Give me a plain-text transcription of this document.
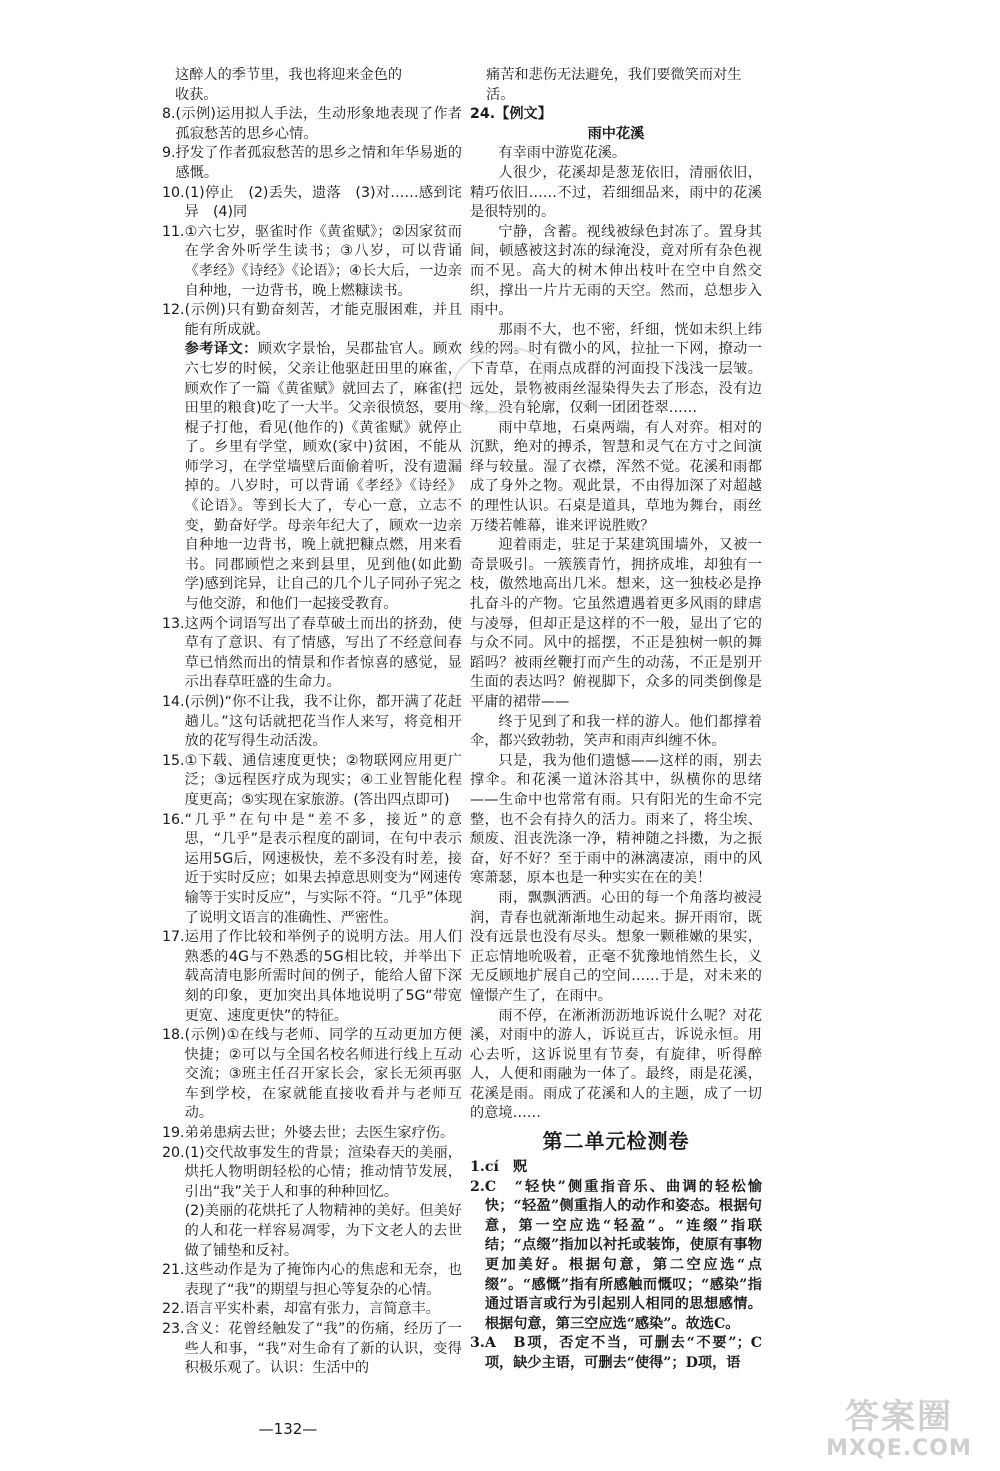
这醉人的季节里，我也将迎来金色的
收获。
8. (示例)运用拟人手法，生动形象地表现了作者孤寂愁苦的思乡心情。
9. 抒发了作者孤寂愁苦的思乡之情和年华易逝的感慨。
10. (1)停止　(2)丢失，遗落　(3)对……感到诧异　(4)同
11. ①六七岁，驱雀时作《黄雀赋》；②因家贫而在学舍外听学生读书；③八岁，可以背诵《孝经》《诗经》《论语》；④长大后，一边亲自种地，一边背书，晚上燃糠读书。
12. (示例)只有勤奋刻苦，才能克服困难，并且能有所成就。
参考译文：顾欢字景怡，吴郡盐官人。顾欢六七岁的时候，父亲让他驱赶田里的麻雀，顾欢作了一篇《黄雀赋》就回去了，麻雀(把田里的粮食)吃了一大半。父亲很愤怒，要用棍子打他，看见(他作的)《黄雀赋》就停止了。乡里有学堂，顾欢(家中)贫困，不能从师学习，在学堂墙壁后面偷着听，没有遗漏掉的。八岁时，可以背诵《孝经》《诗经》《论语》。等到长大了，专心一意，立志不变，勤奋好学。母亲年纪大了，顾欢一边亲自种地一边背书，晚上就把糠点燃，用来看书。同郡顾恺之来到县里，见到他(如此勤学)感到诧异，让自己的几个儿子同孙子宪之与他交游，和他们一起接受教育。
13. 这两个词语写出了春草破土而出的挤劲，使草有了意识、有了情感，写出了不经意间春草已悄然而出的情景和作者惊喜的感觉，显示出春草旺盛的生命力。
14. (示例)“你不让我，我不让你，都开满了花赶趟儿。”这句话就把花当作人来写，将竞相开放的花写得生动活泼。
15. ①下载、通信速度更快；②物联网应用更广泛；③远程医疗成为现实；④工业智能化程度更高；⑤实现在家旅游。(答出四点即可)
16. “几乎”在句中是“差不多，接近”的意思，“几乎”是表示程度的副词，在句中表示运用5G后，网速极快，差不多没有时差，接近于实时反应；如果去掉意思则变为“网速传输等于实时反应”，与实际不符。“几乎”体现了说明文语言的准确性、严密性。
17. 运用了作比较和举例子的说明方法。用人们熟悉的4G与不熟悉的5G相比较，并举出下载高清电影所需时间的例子，能给人留下深刻的印象，更加突出具体地说明了5G“带宽更宽、速度更快”的特征。
18. (示例)①在线与老师、同学的互动更加方便快捷；②可以与全国名校名师进行线上互动交流；③班主任召开家长会，家长无须再驱车到学校，在家就能直接收看并与老师互动。
19. 弟弟患病去世；外婆去世；去医生家疗伤。
20. (1)交代故事发生的背景；渲染春天的美丽，烘托人物明朗轻松的心情；推动情节发展，引出“我”关于人和事的种种回忆。
(2)美丽的花烘托了人物精神的美好。但美好的人和花一样容易凋零，为下文老人的去世做了铺垫和反衬。
21. 这些动作是为了掩饰内心的焦虑和无奈，也表现了“我”的期望与担心等复杂的心情。
22. 语言平实朴素，却富有张力，言简意丰。
23. 含义：花曾经触发了“我”的伤痛，经历了一些人和事，“我”对生命有了新的认识，变得积极乐观了。认识：生活中的
痛苦和悲伤无法避免，我们要微笑而对生活。
24.【例文】
雨中花溪
有幸雨中游览花溪。
人很少，花溪却是葱茏依旧，清丽依旧，精巧依旧……不过，若细细品来，雨中的花溪是很特别的。
宁静，含蓄。视线被绿色封冻了。置身其间，顿感被这封冻的绿淹没，竟对所有杂色视而不见。高大的树木伸出枝叶在空中自然交织，撑出一片片无雨的天空。然而，总想步入雨中。
那雨不大，也不密，纤细，恍如未织上纬线的网。时有微小的风，拉扯一下网，撩动一下青草，在雨点成群的河面投下浅浅一层皱。远处，景物被雨丝湿染得失去了形态，没有边缘，没有轮廓，仅剩一团团苍翠……
雨中草地，石桌两端，有人对弈。相对的沉默，绝对的搏杀，智慧和灵气在方寸之间演绎与较量。湿了衣襟，浑然不觉。花溪和雨都成了身外之物。观此景，不由得加深了对超越的理性认识。石桌是道具，草地为舞台，雨丝万缕若帷幕，谁来评说胜败？
迎着雨走，驻足于某建筑围墙外，又被一奇景吸引。一簇簇青竹，拥挤成堆，却独有一枝，傲然地高出几米。想来，这一独枝必是挣扎奋斗的产物。它虽然遭遇着更多风雨的肆虐与凌辱，但却正是这样的不一般，显出了它的与众不同。风中的摇摆，不正是独树一帜的舞蹈吗？被雨丝鞭打而产生的动荡，不正是别开生面的表达吗？俯视脚下，众多的同类倒像是平庸的裙带——
终于见到了和我一样的游人。他们都撑着伞，都兴致勃勃，笑声和雨声纠缠不休。
只是，我为他们遗憾——这样的雨，别去撑伞。和花溪一道沐浴其中，纵横你的思绪——生命中也常常有雨。只有阳光的生命不完整，也不会有持久的活力。雨来了，将尘埃、颓废、沮丧洗涤一净，精神随之抖擞，为之振奋，好不好？至于雨中的淋漓凄凉，雨中的风寒萧瑟，原本也是一种实实在在的美！
雨，飘飘洒洒。心田的每一个角落均被浸润，青春也就渐渐地生动起来。摒开雨帘，既没有远景也没有尽头。想象一颗稚嫩的果实，正忘情地吮吸着，正毫不犹豫地悄然生长，义无反顾地扩展自己的空间……于是，对未来的憧憬产生了，在雨中。
雨不停，在淅淅沥沥地诉说什么呢？对花溪，对雨中的游人，诉说亘古，诉说永恒。用心去听，这诉说里有节奏，有旋律，听得醉人，人便和雨融为一体了。最终，雨是花溪，花溪是雨。雨成了花溪和人的主题，成了一切的意境……
第二单元检测卷
1. cí　贶
2. C　“轻快”侧重指音乐、曲调的轻松愉快；“轻盈”侧重指人的动作和姿态。根据句意，第一空应选“轻盈”。“连缀”指联结；“点缀”指加以衬托或装饰，使原有事物更加美好。根据句意，第二空应选“点缀”。“感慨”指有所感触而慨叹；“感染”指通过语言或行为引起别人相同的思想感情。根据句意，第三空应选“感染”。故选C。
3. A　B项，否定不当，可删去“不要”；C项，缺少主语，可删去“使得”；D项，语
—132—	答案圈
MXQE.COM
